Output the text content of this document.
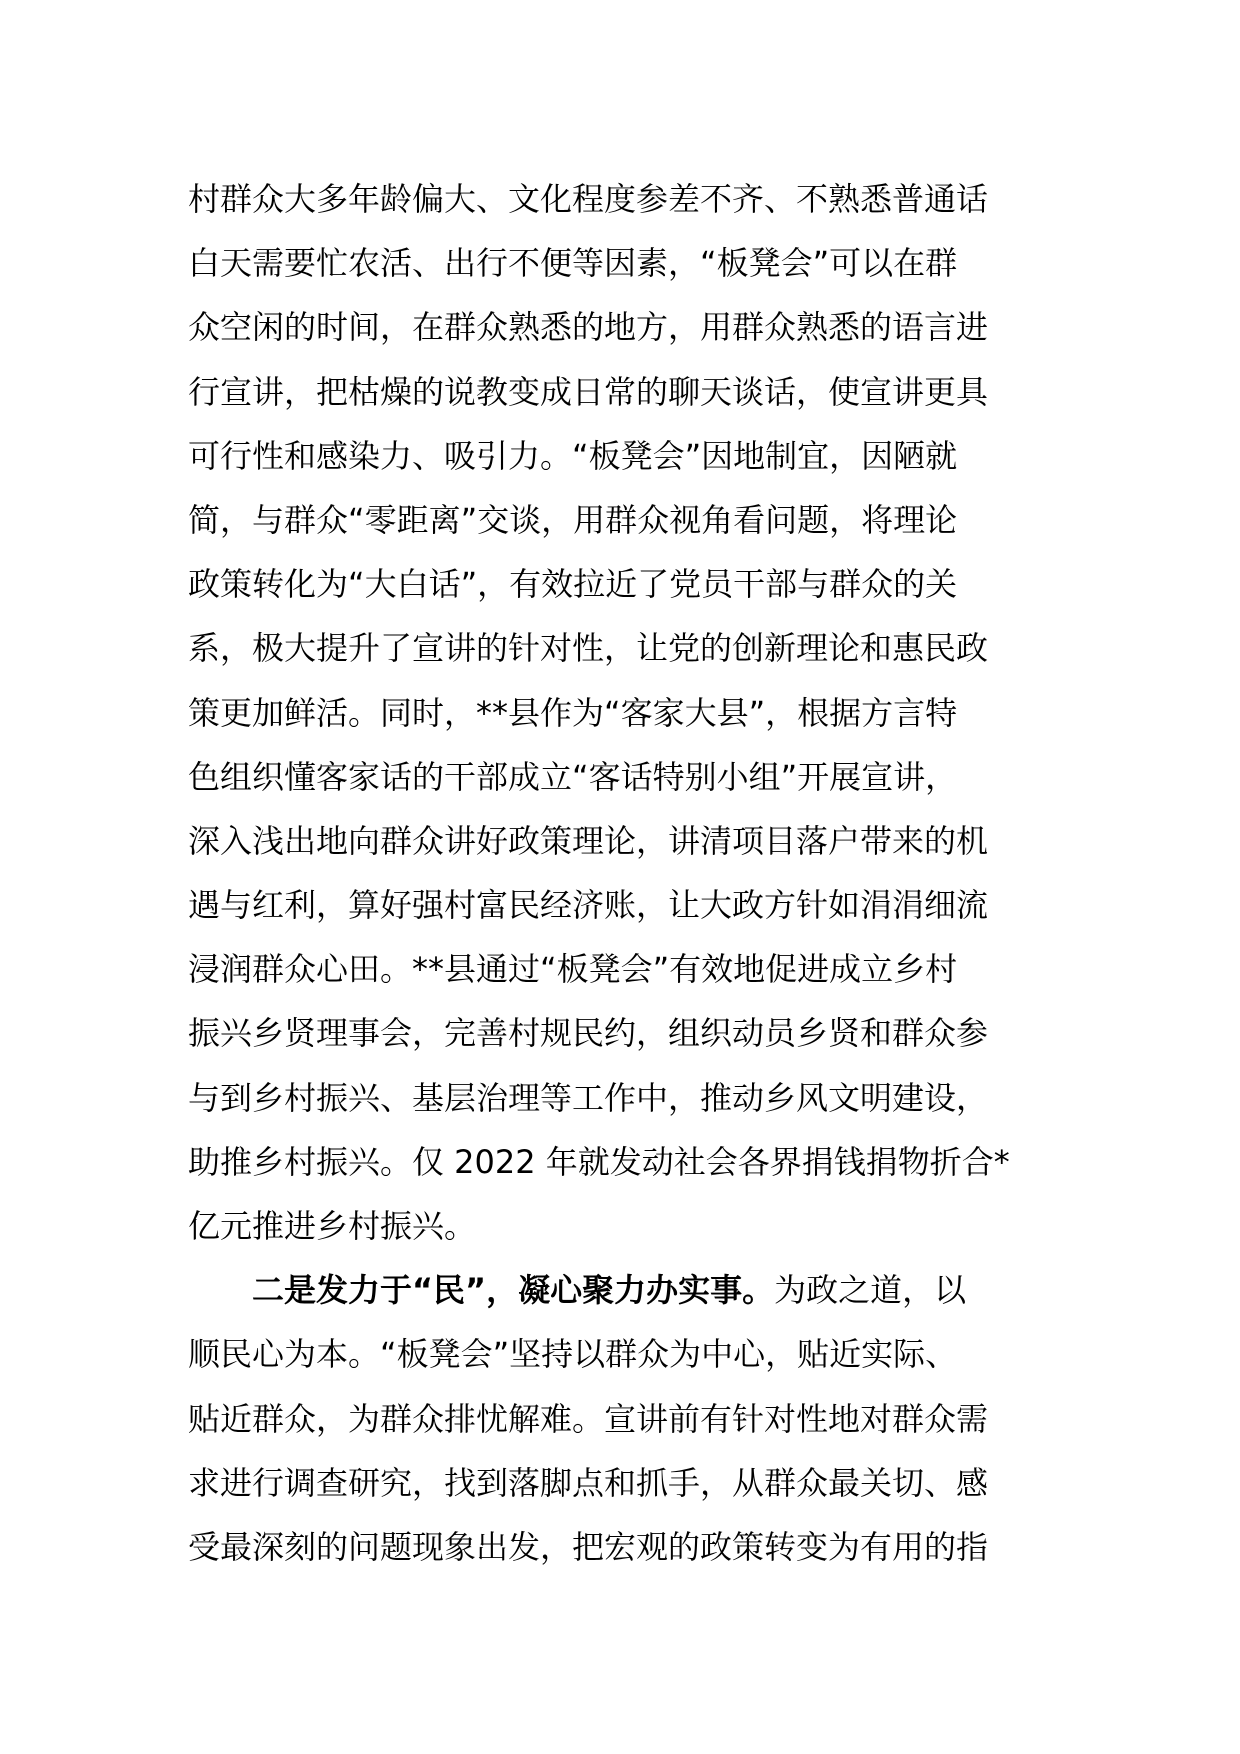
村群众大多年龄偏大、文化程度参差不齐、不熟悉普通话
白天需要忙农活、出行不便等因素，“板凳会”可以在群
众空闲的时间，在群众熟悉的地方，用群众熟悉的语言进
行宣讲，把枯燥的说教变成日常的聊天谈话，使宣讲更具
可行性和感染力、吸引力。“板凳会”因地制宜，因陋就
简，与群众“零距离”交谈，用群众视角看问题，将理论
政策转化为“大白话”，有效拉近了党员干部与群众的关
系，极大提升了宣讲的针对性，让党的创新理论和惠民政
策更加鲜活。同时，**县作为“客家大县”，根据方言特
色组织懂客家话的干部成立“客话特别小组”开展宣讲，
深入浅出地向群众讲好政策理论，讲清项目落户带来的机
遇与红利，算好强村富民经济账，让大政方针如涓涓细流
浸润群众心田。**县通过“板凳会”有效地促进成立乡村
振兴乡贤理事会，完善村规民约，组织动员乡贤和群众参
与到乡村振兴、基层治理等工作中，推动乡风文明建设，
助推乡村振兴。仅 2022 年就发动社会各界捐钱捐物折合*
亿元推进乡村振兴。
二是发力于“民”，凝心聚力办实事。为政之道，以
顺民心为本。“板凳会”坚持以群众为中心，贴近实际、
贴近群众，为群众排忧解难。宣讲前有针对性地对群众需
求进行调查研究，找到落脚点和抓手，从群众最关切、感
受最深刻的问题现象出发，把宏观的政策转变为有用的指
